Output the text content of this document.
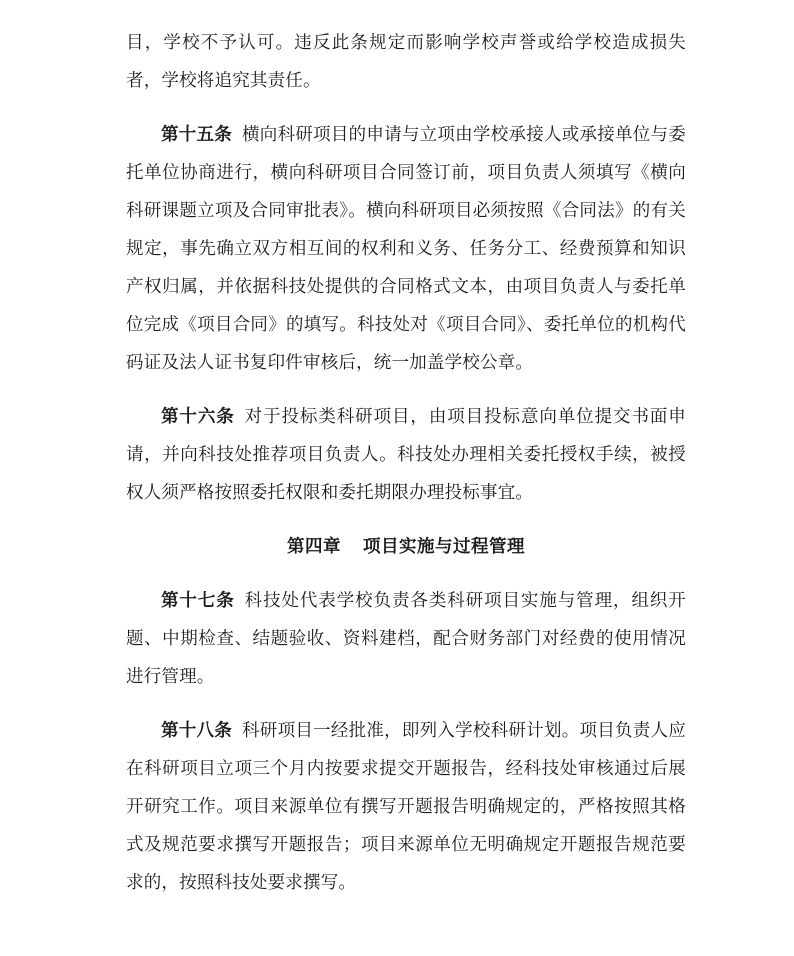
目，学校不予认可。违反此条规定而影响学校声誉或给学校造成损失者，学校将追究其责任。

第十五条 横向科研项目的申请与立项由学校承接人或承接单位与委托单位协商进行，横向科研项目合同签订前，项目负责人须填写《横向科研课题立项及合同审批表》。横向科研项目必须按照《合同法》的有关规定，事先确立双方相互间的权利和义务、任务分工、经费预算和知识产权归属，并依据科技处提供的合同格式文本，由项目负责人与委托单位完成《项目合同》的填写。科技处对《项目合同》、委托单位的机构代码证及法人证书复印件审核后，统一加盖学校公章。

第十六条 对于投标类科研项目，由项目投标意向单位提交书面申请，并向科技处推荐项目负责人。科技处办理相关委托授权手续，被授权人须严格按照委托权限和委托期限办理投标事宜。

第四章 项目实施与过程管理

第十七条 科技处代表学校负责各类科研项目实施与管理，组织开题、中期检查、结题验收、资料建档，配合财务部门对经费的使用情况进行管理。

第十八条 科研项目一经批准，即列入学校科研计划。项目负责人应在科研项目立项三个月内按要求提交开题报告，经科技处审核通过后展开研究工作。项目来源单位有撰写开题报告明确规定的，严格按照其格式及规范要求撰写开题报告；项目来源单位无明确规定开题报告规范要求的，按照科技处要求撰写。
